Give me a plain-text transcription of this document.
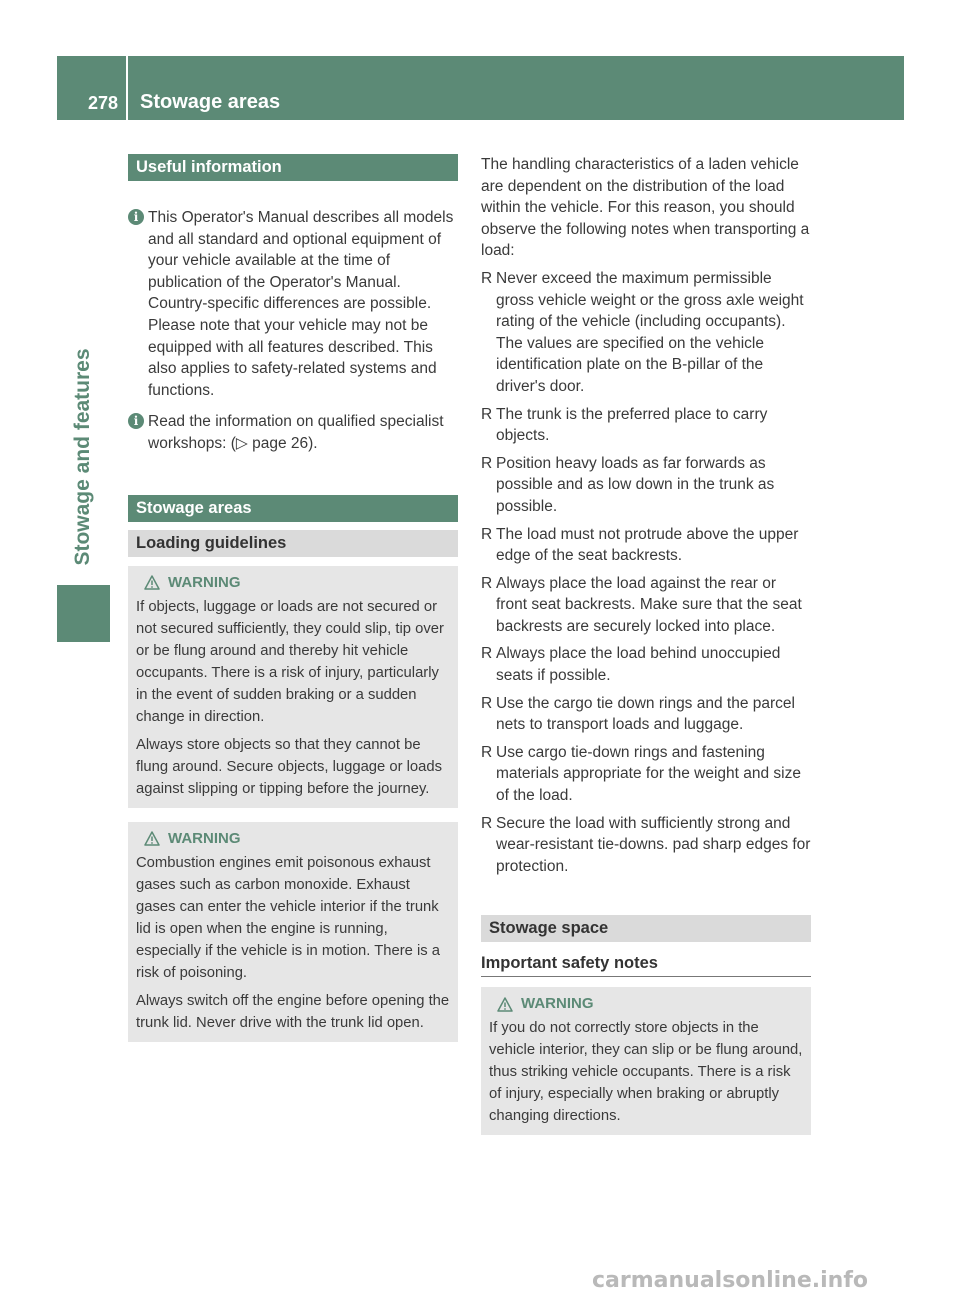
278	Stowage areas
Stowage and features
Useful information
i This Operator's Manual describes all models and all standard and optional equipment of your vehicle available at the time of publication of the Operator's Manual. Country-specific differences are possible. Please note that your vehicle may not be equipped with all features described. This also applies to safety-related systems and functions.
i Read the information on qualified specialist workshops: (▷ page 26).
Stowage areas
Loading guidelines
WARNING

If objects, luggage or loads are not secured or not secured sufficiently, they could slip, tip over or be flung around and thereby hit vehicle occupants. There is a risk of injury, particularly in the event of sudden braking or a sudden change in direction.

Always store objects so that they cannot be flung around. Secure objects, luggage or loads against slipping or tipping before the journey.

WARNING

Combustion engines emit poisonous exhaust gases such as carbon monoxide. Exhaust gases can enter the vehicle interior if the trunk lid is open when the engine is running, especially if the vehicle is in motion. There is a risk of poisoning.

Always switch off the engine before opening the trunk lid. Never drive with the trunk lid open.

The handling characteristics of a laden vehicle are dependent on the distribution of the load within the vehicle. For this reason, you should observe the following notes when transporting a load:

R Never exceed the maximum permissible gross vehicle weight or the gross axle weight rating of the vehicle (including occupants). The values are specified on the vehicle identification plate on the B-pillar of the driver's door.
R The trunk is the preferred place to carry objects.
R Position heavy loads as far forwards as possible and as low down in the trunk as possible.
R The load must not protrude above the upper edge of the seat backrests.
R Always place the load against the rear or front seat backrests. Make sure that the seat backrests are securely locked into place.
R Always place the load behind unoccupied seats if possible.
R Use the cargo tie down rings and the parcel nets to transport loads and luggage.
R Use cargo tie-down rings and fastening materials appropriate for the weight and size of the load.
R Secure the load with sufficiently strong and wear-resistant tie-downs. pad sharp edges for protection.
Stowage space
Important safety notes
WARNING

If you do not correctly store objects in the vehicle interior, they can slip or be flung around, thus striking vehicle occupants. There is a risk of injury, especially when braking or abruptly changing directions.

carmanualsonline.info
